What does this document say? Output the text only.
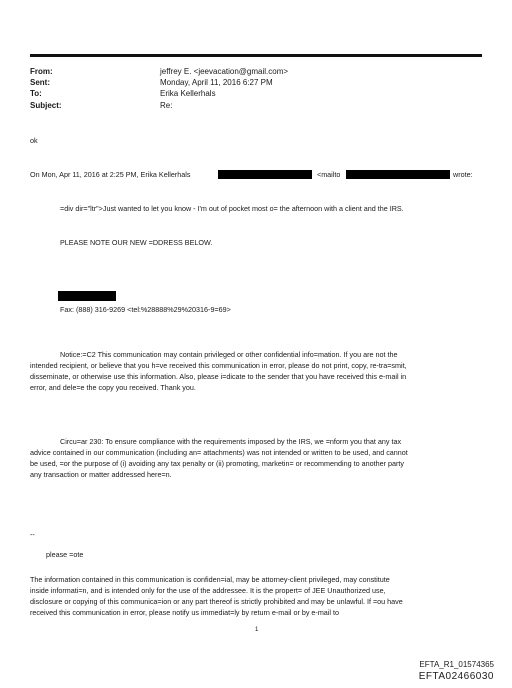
From:	jeffrey E. <jeevacation@gmail.com>
Sent:	Monday, April 11, 2016 6:27 PM
To:	Erika Kellerhals
Subject:	Re:
ok
On Mon, Apr 11, 2016 at 2:25 PM, Erika Kellerhals	<mailto	wrote:
=div dir="ltr">Just wanted to let you know - I'm out of pocket most o= the afternoon with a client and the IRS.
PLEASE NOTE OUR NEW =DDRESS BELOW.
Fax: (888) 316-9269 <tel:%28888%29%20316-9=69>
Notice:=C2 This communication may contain privileged or other confidential info=mation. If you are not the
intended recipient, or believe that you h=ve received this communication in error, please do not print, copy, re-tra=smit,
disseminate, or otherwise use this information. Also, please i=dicate to the sender that you have received this e-mail in
error, and dele=e the copy you received. Thank you.
Circu=ar 230: To ensure compliance with the requirements imposed by the IRS, we =nform you that any tax
advice contained in our communication (including an= attachments) was not intended or written to be used, and cannot
be used, =or the purpose of (i) avoiding any tax penalty or (ii) promoting, marketin= or recommending to another party
any transaction or matter addressed here=n.
--
please =ote
The information contained in this communication is confiden=ial, may be attorney-client privileged, may constitute
inside informati=n, and is intended only for the use of the addressee. It is the propert= of JEE Unauthorized use,
disclosure or copying of this communica=ion or any part thereof is strictly prohibited and may be unlawful. If =ou have
received this communication in error, please notify us immediat=ly by return e-mail or by e-mail to
1
EFTA_R1_01574365
EFTA02466030
